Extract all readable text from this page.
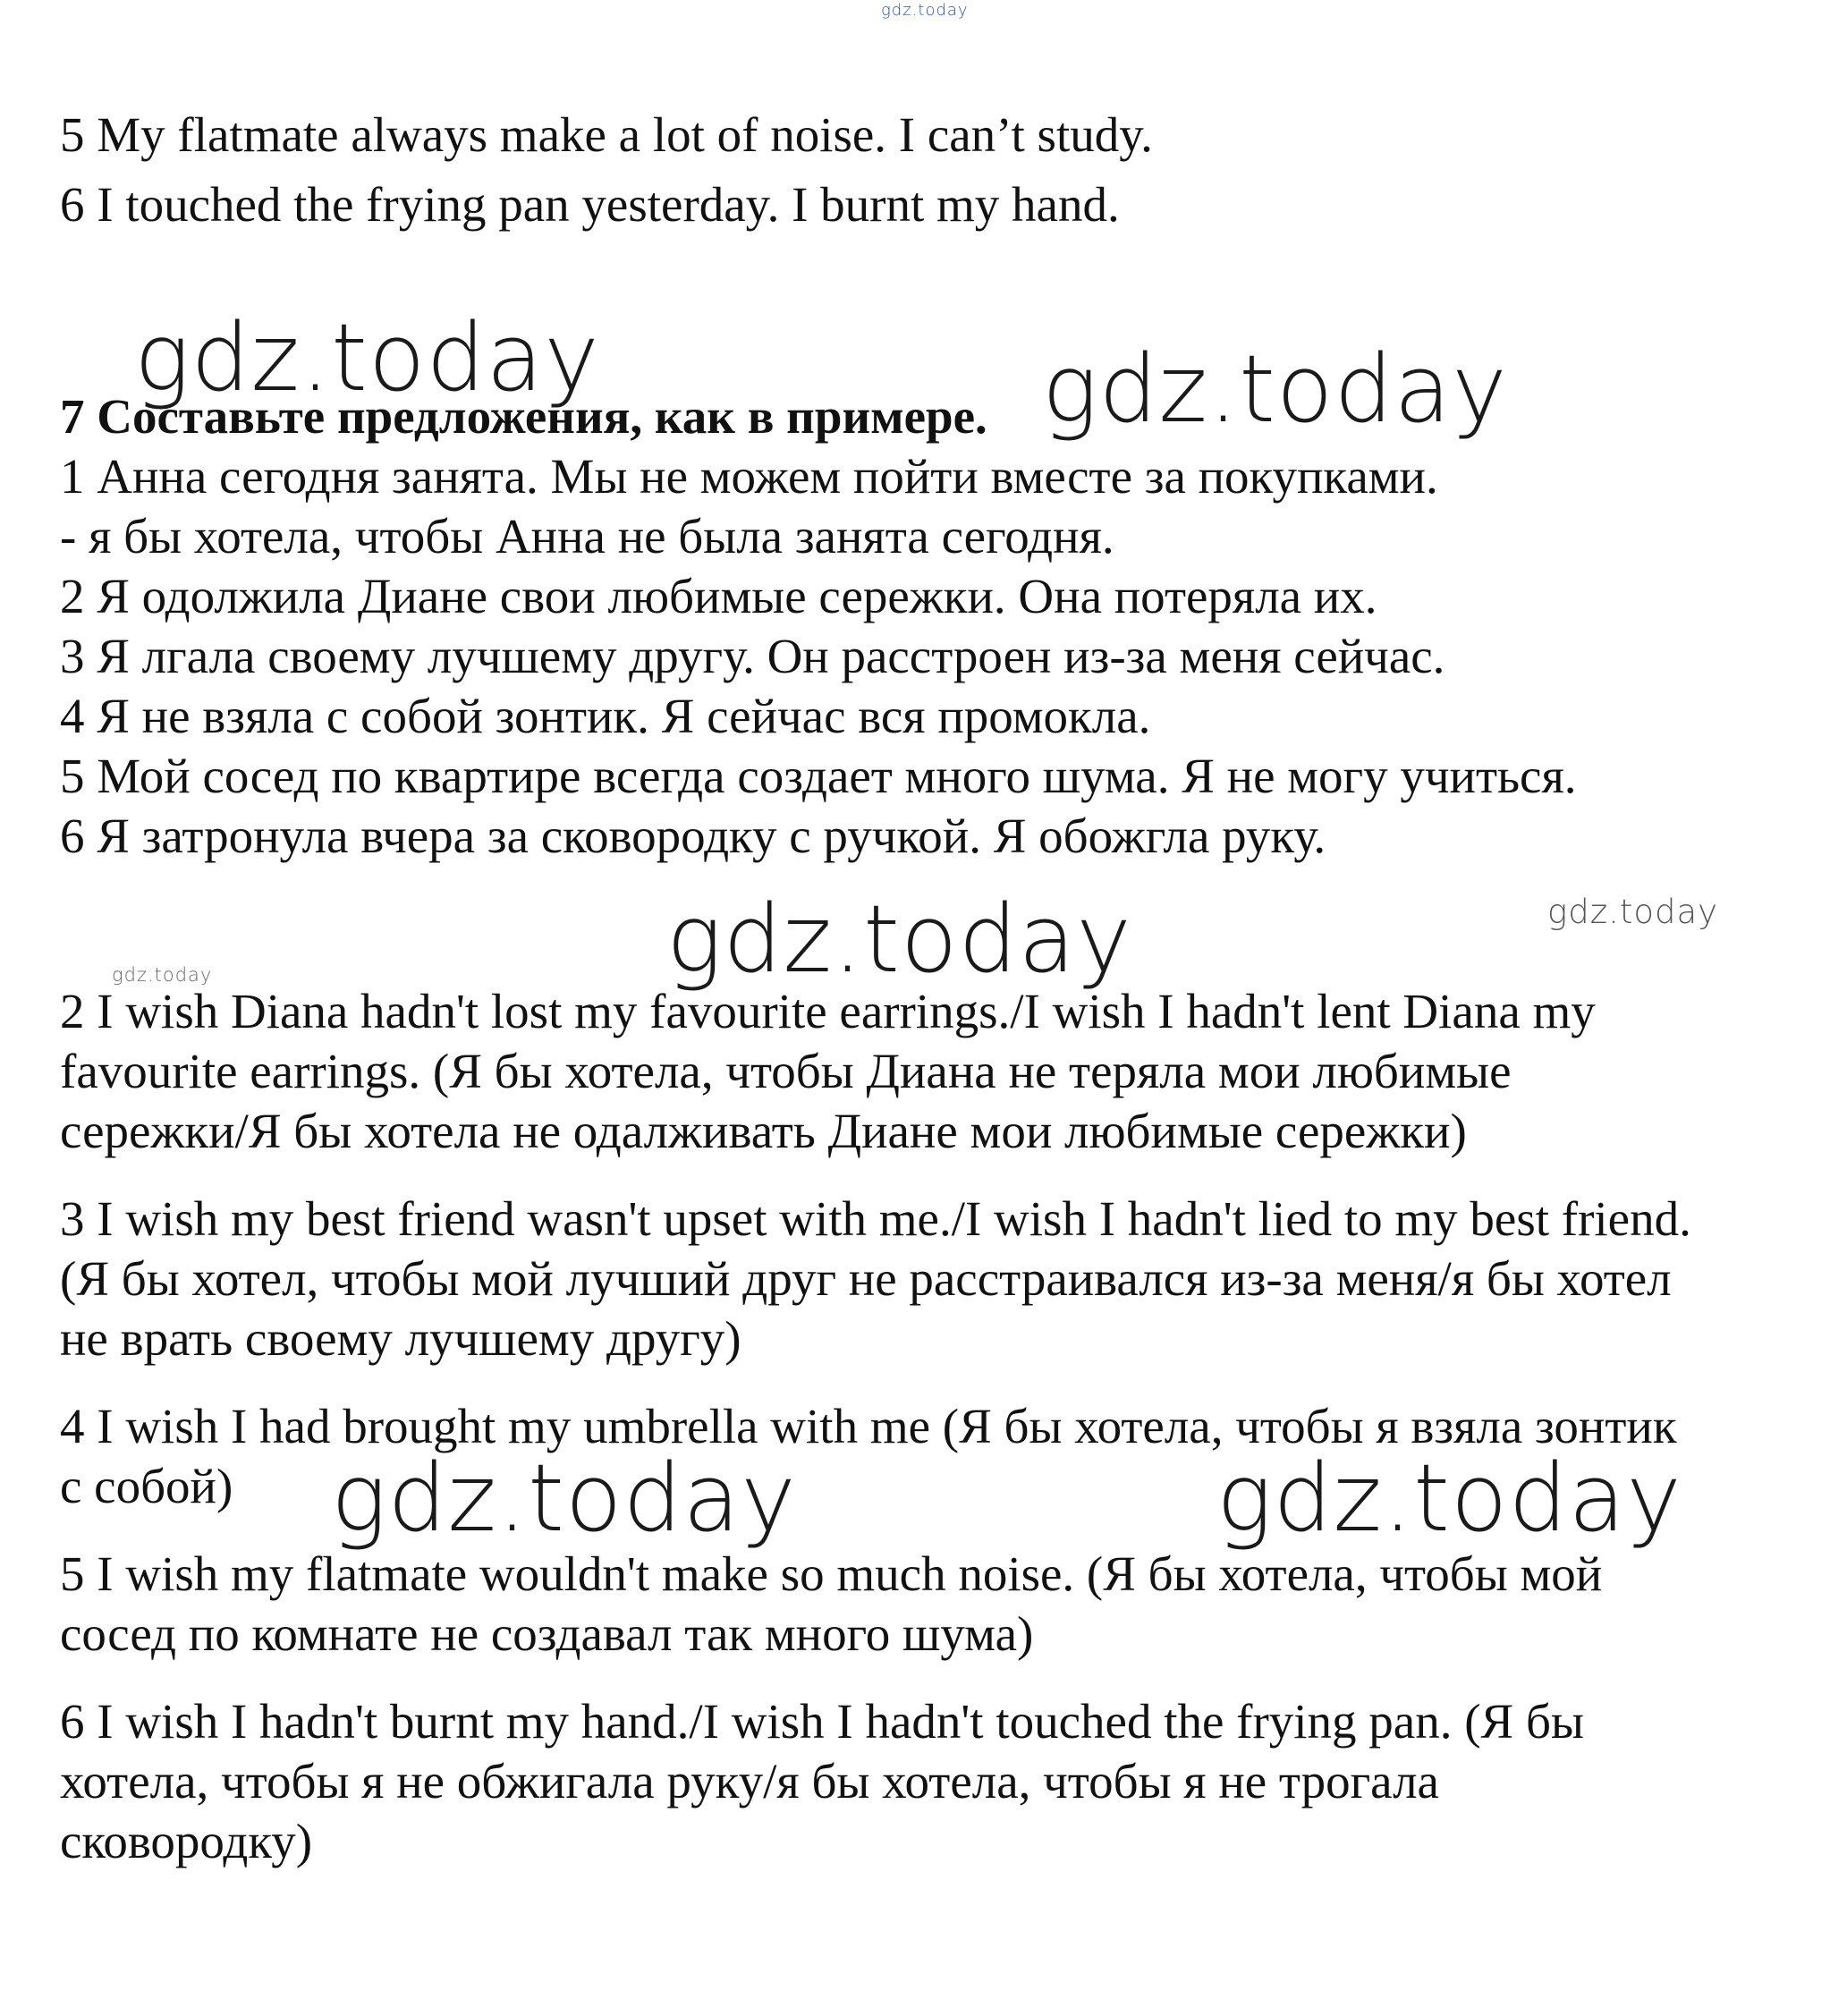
gdz.today
gdz.today	gdz.today
gdz.today	gdz.today
gdz.today
gdz.today	gdz.today
5 My flatmate always make a lot of noise. I can’t study.
6 I touched the frying pan yesterday. I burnt my hand.
7 Составьте предложения, как в примере.
1 Анна сегодня занята. Мы не можем пойти вместе за покупками.
- я бы хотела, чтобы Анна не была занята сегодня.
2 Я одолжила Диане свои любимые сережки. Она потеряла их.
3 Я лгала своему лучшему другу. Он расстроен из-за меня сейчас.
4 Я не взяла с собой зонтик. Я сейчас вся промокла.
5 Мой сосед по квартире всегда создает много шума. Я не могу учиться.
6 Я затронула вчера за сковородку с ручкой. Я обожгла руку.
2 I wish Diana hadn't lost my favourite earrings./I wish I hadn't lent Diana my
favourite earrings. (Я бы хотела, чтобы Диана не теряла мои любимые
сережки/Я бы хотела не одалживать Диане мои любимые сережки)
3 I wish my best friend wasn't upset with me./I wish I hadn't lied to my best friend.
(Я бы хотел, чтобы мой лучший друг не расстраивался из-за меня/я бы хотел
не врать своему лучшему другу)
4 I wish I had brought my umbrella with me (Я бы хотела, чтобы я взяла зонтик
с собой)
5 I wish my flatmate wouldn't make so much noise. (Я бы хотела, чтобы мой
сосед по комнате не создавал так много шума)
6 I wish I hadn't burnt my hand./I wish I hadn't touched the frying pan. (Я бы
хотела, чтобы я не обжигала руку/я бы хотела, чтобы я не трогала
сковородку)
